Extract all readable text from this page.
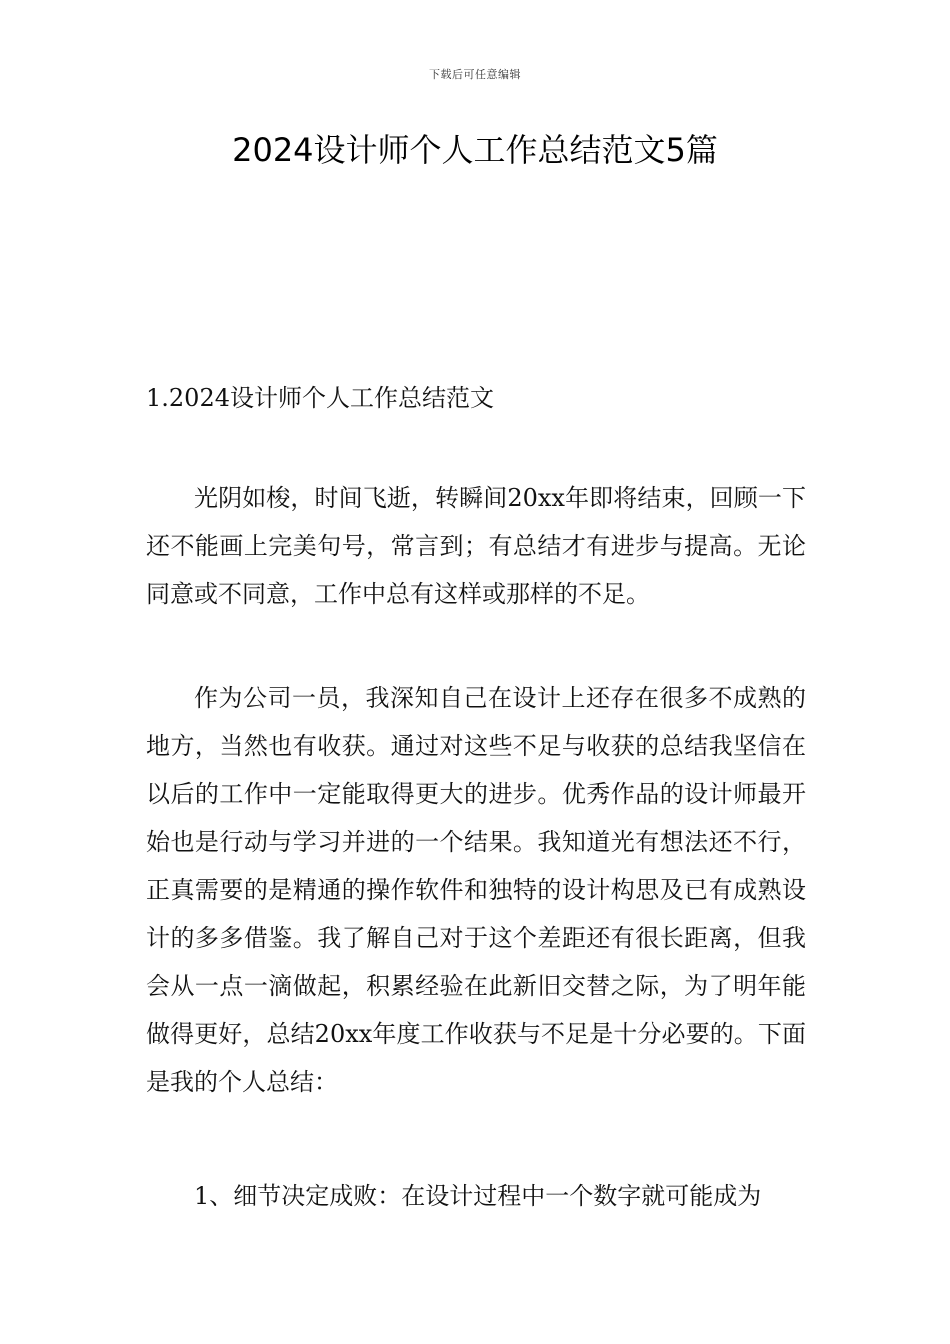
下载后可任意编辑
2024设计师个人工作总结范文5篇
1.2024设计师个人工作总结范文

光阴如梭，时间飞逝，转瞬间20xx年即将结束，回顾一下还不能画上完美句号，常言到；有总结才有进步与提高。无论同意或不同意，工作中总有这样或那样的不足。

作为公司一员，我深知自己在设计上还存在很多不成熟的地方，当然也有收获。通过对这些不足与收获的总结我坚信在以后的工作中一定能取得更大的进步。优秀作品的设计师最开始也是行动与学习并进的一个结果。我知道光有想法还不行，正真需要的是精通的操作软件和独特的设计构思及已有成熟设计的多多借鉴。我了解自己对于这个差距还有很长距离，但我会从一点一滴做起，积累经验在此新旧交替之际，为了明年能做得更好，总结20xx年度工作收获与不足是十分必要的。下面是我的个人总结：

1、细节决定成败：在设计过程中一个数字就可能成为
